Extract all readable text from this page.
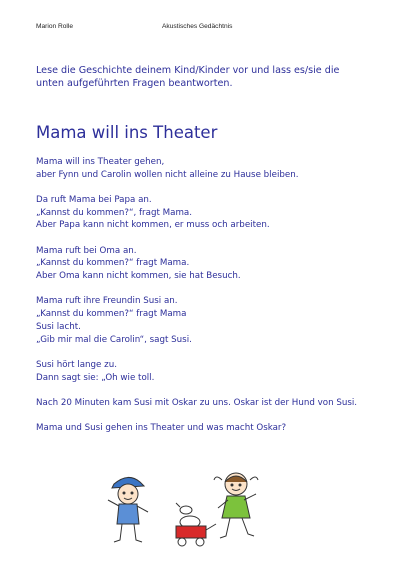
Marion Rolle	Akustisches Gedächtnis
Lese die Geschichte deinem Kind/Kinder vor und lass es/sie die unten aufgeführten Fragen beantworten.
Mama will ins Theater
Mama will ins Theater gehen,
aber Fynn und Carolin wollen nicht alleine zu Hause bleiben.
Da ruft Mama bei Papa an.
„Kannst du kommen?“, fragt Mama.
Aber Papa kann nicht kommen, er muss och arbeiten.
Mama ruft bei Oma an.
„Kannst du kommen?“ fragt Mama.
Aber Oma kann nicht kommen, sie hat Besuch.
Mama ruft ihre Freundin Susi an.
„Kannst du kommen?“ fragt Mama
Susi lacht.
„Gib mir mal die Carolin“, sagt Susi.
Susi hört lange zu.
Dann sagt sie: „Oh wie toll.
Nach 20 Minuten kam Susi mit Oskar zu uns. Oskar ist der Hund von Susi.
Mama und Susi gehen ins Theater und was macht Oskar?
